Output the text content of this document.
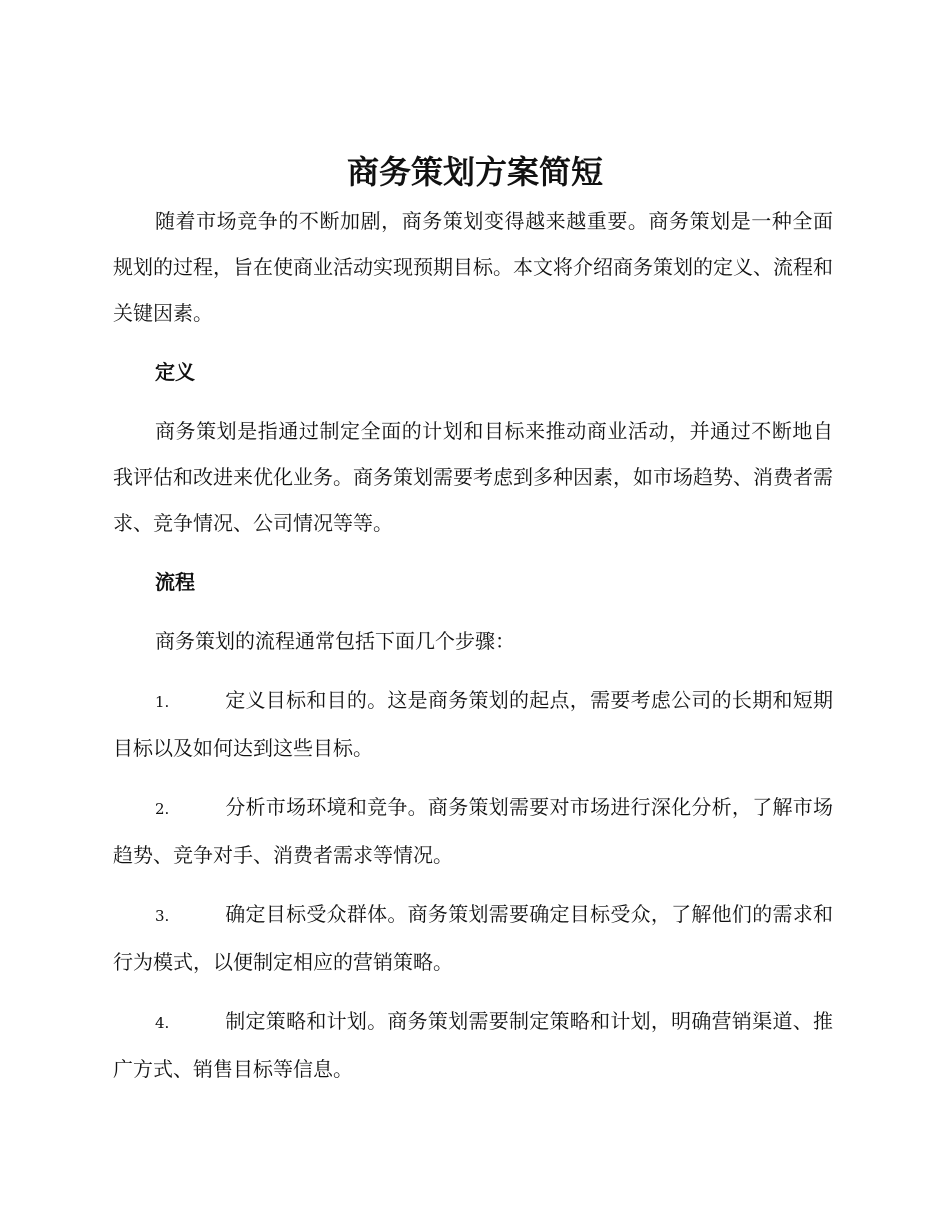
商务策划方案简短

随着市场竞争的不断加剧，商务策划变得越来越重要。商务策划是一种全面规划的过程，旨在使商业活动实现预期目标。本文将介绍商务策划的定义、流程和关键因素。

定义

商务策划是指通过制定全面的计划和目标来推动商业活动，并通过不断地自我评估和改进来优化业务。商务策划需要考虑到多种因素，如市场趋势、消费者需求、竞争情况、公司情况等等。

流程

商务策划的流程通常包括下面几个步骤：

1.	定义目标和目的。这是商务策划的起点，需要考虑公司的长期和短期目标以及如何达到这些目标。

2.	分析市场环境和竞争。商务策划需要对市场进行深化分析，了解市场趋势、竞争对手、消费者需求等情况。

3.	确定目标受众群体。商务策划需要确定目标受众，了解他们的需求和行为模式，以便制定相应的营销策略。

4.	制定策略和计划。商务策划需要制定策略和计划，明确营销渠道、推广方式、销售目标等信息。
